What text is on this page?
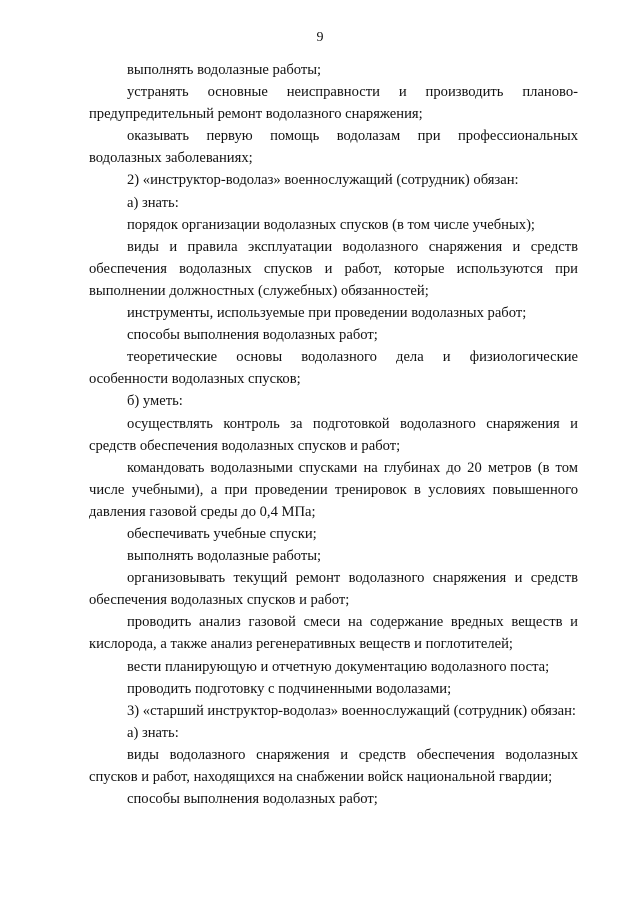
9

выполнять водолазные работы;

устранять основные неисправности и производить планово-предупредительный ремонт водолазного снаряжения;

оказывать первую помощь водолазам при профессиональных водолазных заболеваниях;

2) «инструктор-водолаз» военнослужащий (сотрудник) обязан:

а) знать:

порядок организации водолазных спусков (в том числе учебных);

виды и правила эксплуатации водолазного снаряжения и средств обеспечения водолазных спусков и работ, которые используются при выполнении должностных (служебных) обязанностей;

инструменты, используемые при проведении водолазных работ;

способы выполнения водолазных работ;

теоретические основы водолазного дела и физиологические особенности водолазных спусков;

б) уметь:

осуществлять контроль за подготовкой водолазного снаряжения и средств обеспечения водолазных спусков и работ;

командовать водолазными спусками на глубинах до 20 метров (в том числе учебными), а при проведении тренировок в условиях повышенного давления газовой среды до 0,4 МПа;

обеспечивать учебные спуски;

выполнять водолазные работы;

организовывать текущий ремонт водолазного снаряжения и средств обеспечения водолазных спусков и работ;

проводить анализ газовой смеси на содержание вредных веществ и кислорода, а также анализ регенеративных веществ и поглотителей;

вести планирующую и отчетную документацию водолазного поста;

проводить подготовку с подчиненными водолазами;

3) «старший инструктор-водолаз» военнослужащий (сотрудник) обязан:

а) знать:

виды водолазного снаряжения и средств обеспечения водолазных спусков и работ, находящихся на снабжении войск национальной гвардии;

способы выполнения водолазных работ;
